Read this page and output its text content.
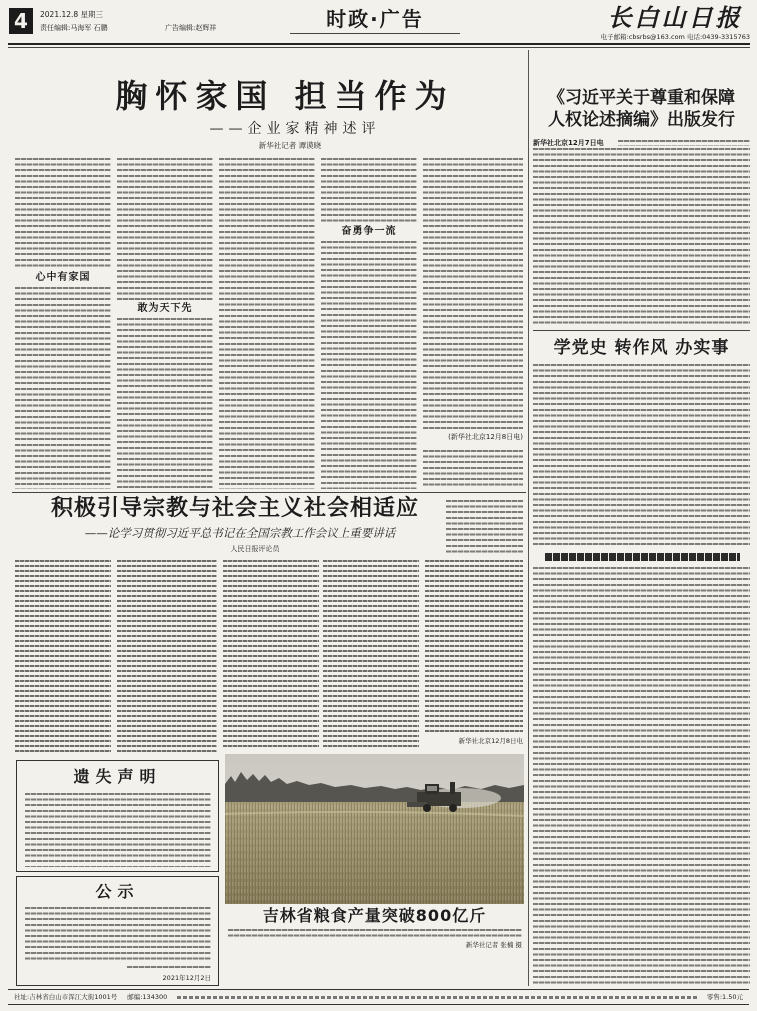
4	2021.12.8 星期三
责任编辑:马海军 石鹏	广告编辑:赵辉祥	时政·广告	长白山日报
电子邮箱:cbsrbs@163.com 电话:0439-3315763
胸怀家国 担当作为
——企业家精神述评
新华社记者 谭谟晓
心中有家国
敢为天下先
奋勇争一流
(新华社北京12月8日电)
《习近平关于尊重和保障
人权论述摘编》出版发行
新华社北京12月7日电
学党史 转作风 办实事
积极引导宗教与社会主义社会相适应
——论学习贯彻习近平总书记在全国宗教工作会议上重要讲话
人民日报评论员
新华社北京12月8日电
吉林省粮食产量突破800亿斤
新华社记者 张楠 摄
遗失声明
公示
2021年12月2日
社址:吉林省白山市浑江大街1001号 邮编:134300	零售:1.50元
